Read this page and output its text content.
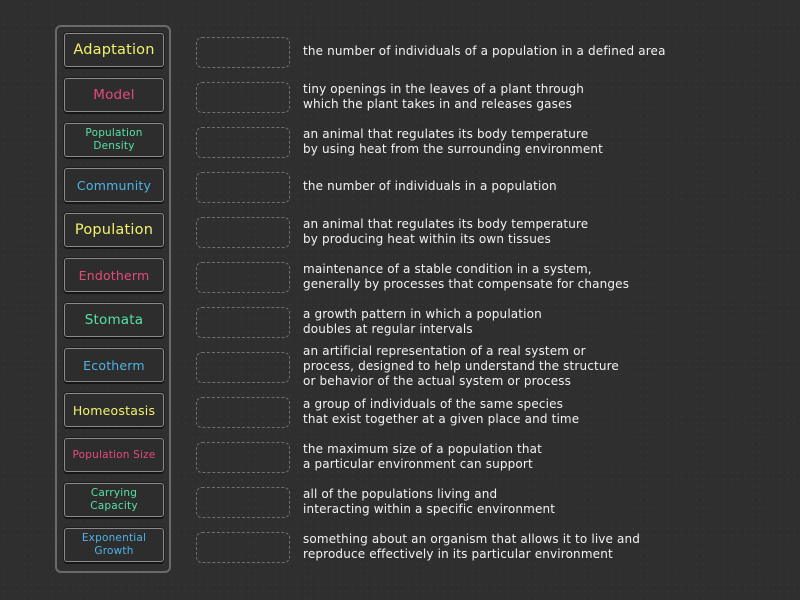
Adaptation
Model
Population
Density
Community
Population
Endotherm
Stomata
Ecotherm
Homeostasis
Population Size
Carrying
Capacity
Exponential
Growth
the number of individuals of a population in a defined area
tiny openings in the leaves of a plant through
which the plant takes in and releases gases
an animal that regulates its body temperature
by using heat from the surrounding environment
the number of individuals in a population
an animal that regulates its body temperature
by producing heat within its own tissues
maintenance of a stable condition in a system,
generally by processes that compensate for changes
a growth pattern in which a population
doubles at regular intervals
an artificial representation of a real system or
process, designed to help understand the structure
or behavior of the actual system or process
a group of individuals of the same species
that exist together at a given place and time
the maximum size of a population that
a particular environment can support
all of the populations living and
interacting within a specific environment
something about an organism that allows it to live and
reproduce effectively in its particular environment
